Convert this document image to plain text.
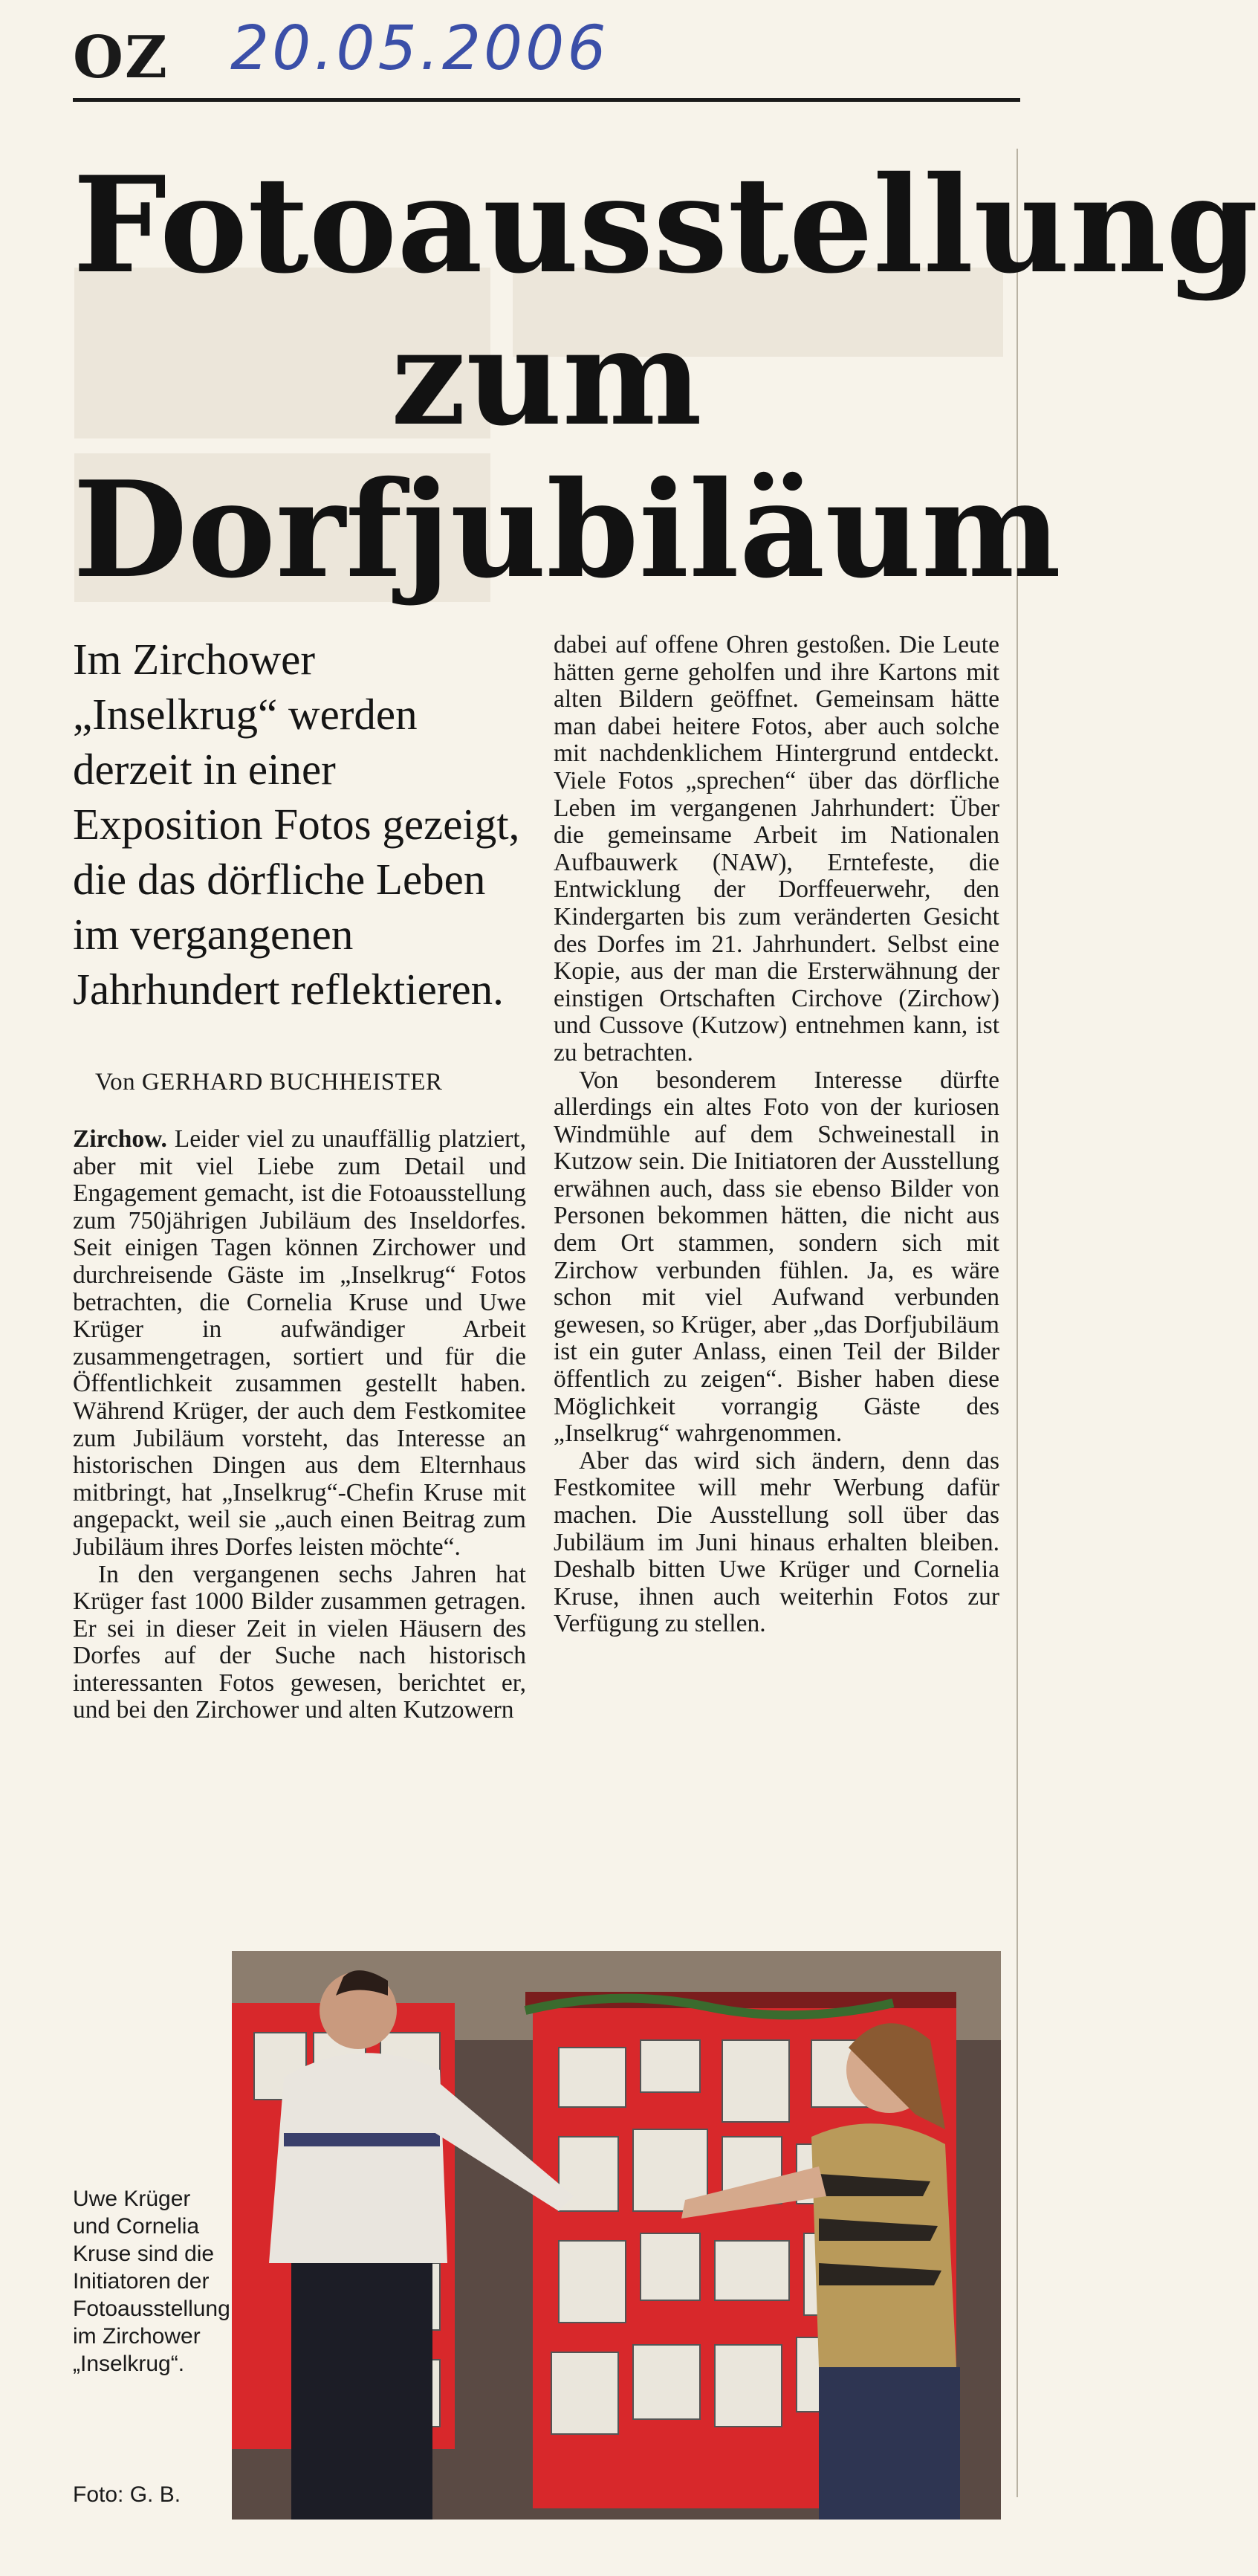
OZ 20.05.2006
Fotoausstellung
zum
Dorfjubiläum

Im Zirchower „Inselkrug“ werden derzeit in einer Exposition Fotos gezeigt, die das dörfliche Leben im vergangenen Jahrhundert reflektieren.

Von GERHARD BUCHHEISTER

Zirchow. Leider viel zu unauffällig platziert, aber mit viel Liebe zum Detail und Engagement gemacht, ist die Fotoausstellung zum 750jährigen Jubiläum des Inseldorfes. Seit einigen Tagen können Zirchower und durchreisende Gäste im „Inselkrug“ Fotos betrachten, die Cornelia Kruse und Uwe Krüger in aufwändiger Arbeit zusammengetragen, sortiert und für die Öffentlichkeit zusammen gestellt haben. Während Krüger, der auch dem Festkomitee zum Jubiläum vorsteht, das Interesse an historischen Dingen aus dem Elternhaus mitbringt, hat „Inselkrug“-Chefin Kruse mit angepackt, weil sie „auch einen Beitrag zum Jubiläum ihres Dorfes leisten möchte“.

In den vergangenen sechs Jahren hat Krüger fast 1000 Bilder zusammen getragen. Er sei in dieser Zeit in vielen Häusern des Dorfes auf der Suche nach historisch interessanten Fotos gewesen, berichtet er, und bei den Zirchower und alten Kutzowern

dabei auf offene Ohren gestoßen. Die Leute hätten gerne geholfen und ihre Kartons mit alten Bildern geöffnet. Gemeinsam hätte man dabei heitere Fotos, aber auch solche mit nachdenklichem Hintergrund entdeckt. Viele Fotos „sprechen“ über das dörfliche Leben im vergangenen Jahrhundert: Über die gemeinsame Arbeit im Nationalen Aufbauwerk (NAW), Erntefeste, die Entwicklung der Dorffeuerwehr, den Kindergarten bis zum veränderten Gesicht des Dorfes im 21. Jahrhundert. Selbst eine Kopie, aus der man die Ersterwähnung der einstigen Ortschaften Circhove (Zirchow) und Cussove (Kutzow) entnehmen kann, ist zu betrachten.

Von besonderem Interesse dürfte allerdings ein altes Foto von der kuriosen Windmühle auf dem Schweinestall in Kutzow sein. Die Initiatoren der Ausstellung erwähnen auch, dass sie ebenso Bilder von Personen bekommen hätten, die nicht aus dem Ort stammen, sondern sich mit Zirchow verbunden fühlen. Ja, es wäre schon mit viel Aufwand verbunden gewesen, so Krüger, aber „das Dorfjubiläum ist ein guter Anlass, einen Teil der Bilder öffentlich zu zeigen“. Bisher haben diese Möglichkeit vorrangig Gäste des „Inselkrug“ wahrgenommen.

Aber das wird sich ändern, denn das Festkomitee will mehr Werbung dafür machen. Die Ausstellung soll über das Jubiläum im Juni hinaus erhalten bleiben. Deshalb bitten Uwe Krüger und Cornelia Kruse, ihnen auch weiterhin Fotos zur Verfügung zu stellen.

Uwe Krüger und Cornelia Kruse sind die Initiatoren der Fotoausstellung im Zirchower „Inselkrug“.
Foto: G. B.
